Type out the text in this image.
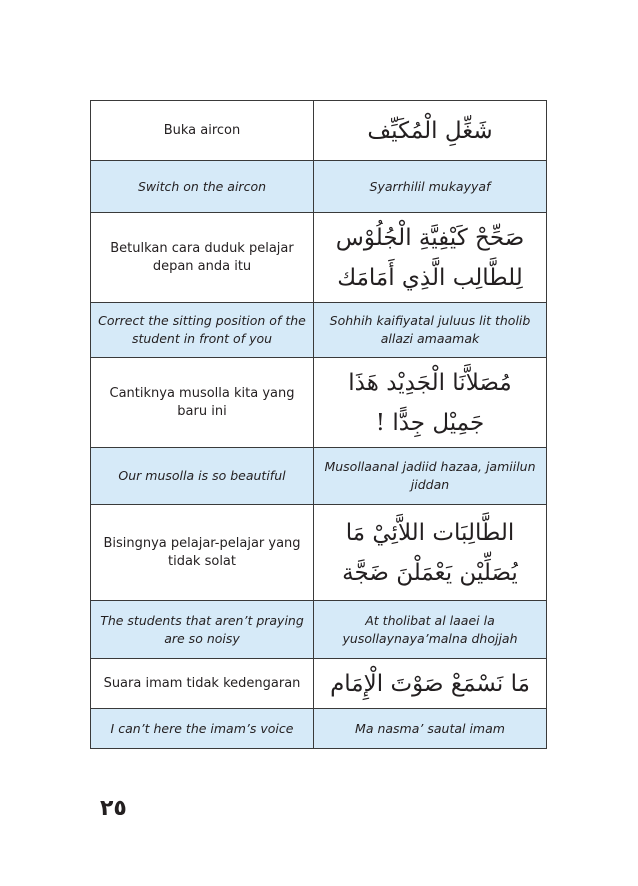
Buka aircon	شَغِّلِ الْمُكَيِّف
Switch on the aircon	Syarrhilil mukayyaf
Betulkan cara duduk pelajar depan anda itu	صَحِّحْ كَيْفِيَّةِ الْجُلُوْس لِلطَّالِب الَّذِي أَمَامَك
Correct the sitting position of the student in front of you	Sohhih kaifiyatal juluus lit tholib allazi amaamak
Cantiknya musolla kita yang baru ini	مُصَلاَّنَا الْجَدِيْد هَذَا جَمِيْل جِدًّا !
Our musolla is so beautiful	Musollaanal jadiid hazaa, jamiilun jiddan
Bisingnya pelajar-pelajar yang tidak solat	الطَّالِبَات اللاَّئِيْ مَا يُصَلِّيْن يَعْمَلْنَ ضَجَّة
The students that aren’t praying are so noisy	At tholibat al laaei la yusollaynaya’malna dhojjah
Suara imam tidak kedengaran	مَا نَسْمَعْ صَوْتَ الْإِمَام
I can’t here the imam’s voice	Ma nasma’ sautal imam
٢٥
